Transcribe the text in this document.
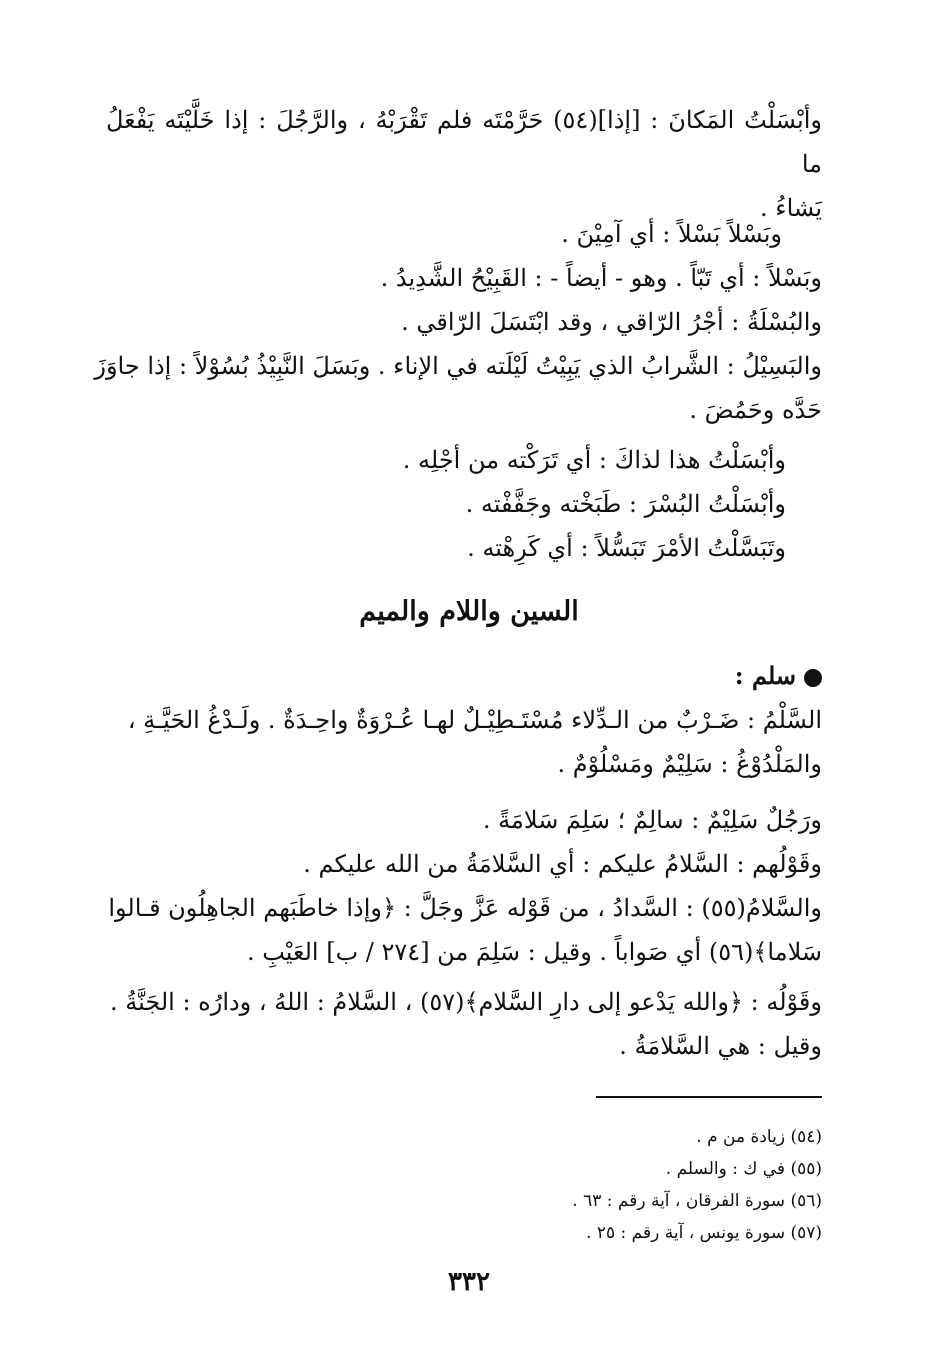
وأبْسَلْتُ المَكانَ : [إذا](٥٤) حَرَّمْتَه فلم تَقْرَبْهُ ، والرَّجُلَ : إذا خَلَّيْتَه يَفْعَلُ ما
يَشاءُ .
وبَسْلاً بَسْلاً : أي آمِيْنَ .
وبَسْلاً : أي تَبّاً . وهو - أيضاً - : القَبِيْحُ الشَّدِيدُ .
والبُسْلَةُ : أجْرُ الرّاقي ، وقد ابْتَسَلَ الرّاقي .
والبَسِيْلُ : الشَّرابُ الذي يَبِيْتُ لَيْلَته في الإناء . وبَسَلَ النَّبِيْذُ بُسُوْلاً : إذا جاوَزَ
حَدَّه وحَمُضَ .
وأبْسَلْتُ هذا لذاكَ : أي تَرَكْته من أجْلِه .
وأبْسَلْتُ البُسْرَ : طَبَخْته وجَفَّفْته .
وتَبَسَّلْتُ الأمْرَ تَبَسُّلاً : أي كَرِهْته .
السين واللام والميم
سلم :
السَّلْمُ : ضَـرْبٌ من الـدِّلاء مُسْتَـطِيْـلٌ لهـا عُـرْوَةٌ واحِـدَةٌ . ولَـدْغُ الحَيَّـةِ ،
والمَلْدُوْغُ : سَلِيْمٌ ومَسْلُوْمٌ .
ورَجُلٌ سَلِيْمٌ : سالِمٌ ؛ سَلِمَ سَلامَةً .
وقَوْلُهم : السَّلامُ عليكم : أي السَّلامَةُ من الله عليكم .
والسَّلامُ(٥٥) : السَّدادُ ، من قَوْله عَزَّ وجَلَّ : ﴿وإذا خاطَبَهم الجاهِلُون قـالوا
سَلاما﴾(٥٦) أي صَواباً . وقيل : سَلِمَ من [٢٧٤ / ب] العَيْبِ .
وقَوْلُه : ﴿والله يَدْعو إلى دارِ السَّلام﴾(٥٧) ، السَّلامُ : اللهُ ، ودارُه : الجَنَّةُ .
وقيل : هي السَّلامَةُ .
(٥٤) زيادة من م .
(٥٥) في ك : والسلم .
(٥٦) سورة الفرقان ، آية رقم : ٦٣ .
(٥٧) سورة يونس ، آية رقم : ٢٥ .
٣٣٢
